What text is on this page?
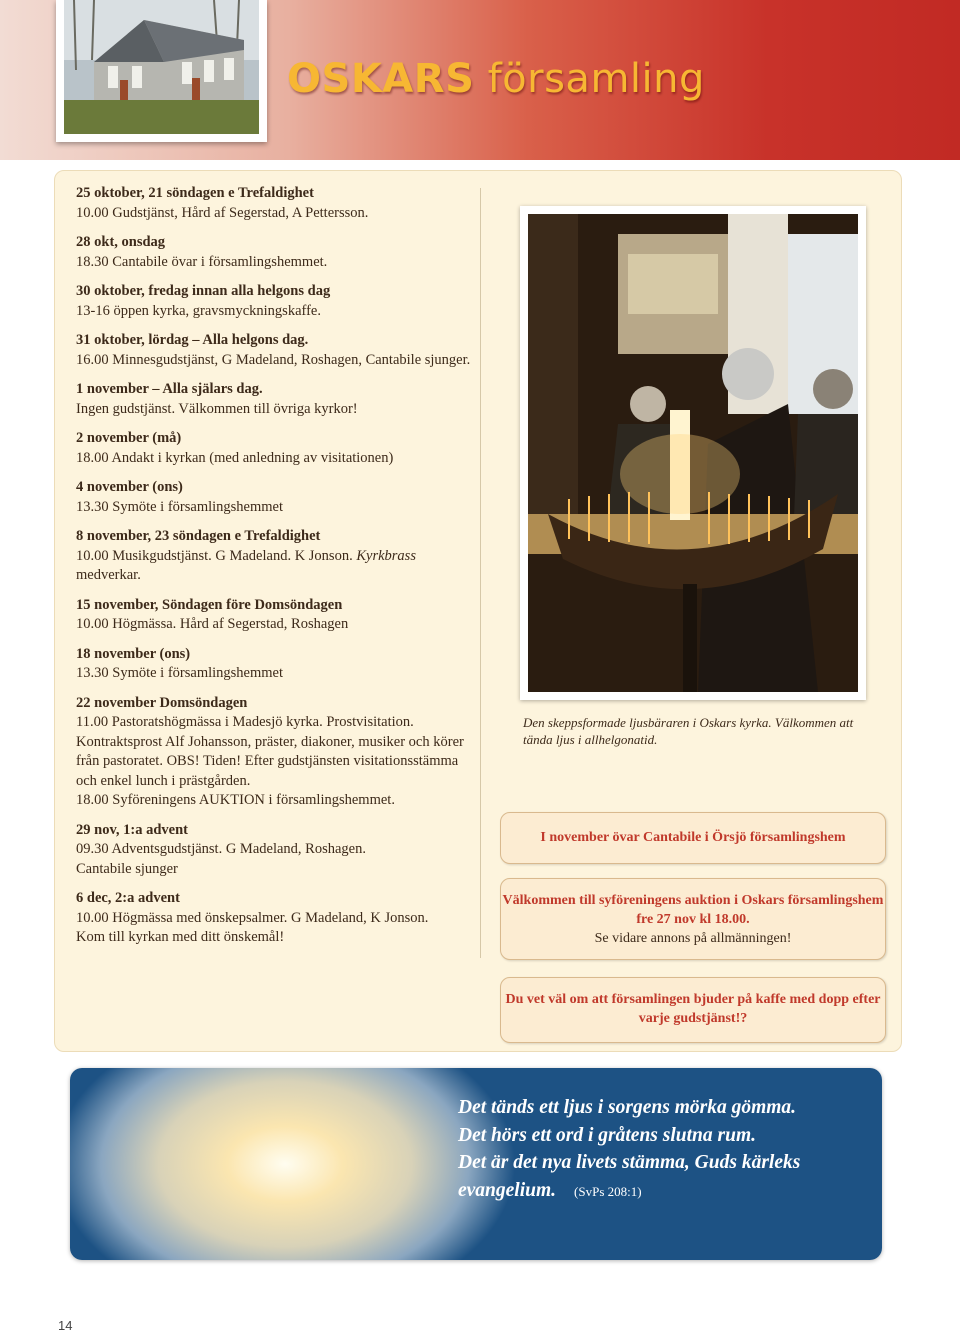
OSKARS församling
25 oktober, 21 söndagen e Trefaldighet
10.00 Gudstjänst, Hård af Segerstad, A Pettersson.
28 okt, onsdag
18.30 Cantabile övar i församlingshemmet.
30 oktober, fredag innan alla helgons dag
13-16 öppen kyrka, gravsmyckningskaffe.
31 oktober, lördag – Alla helgons dag.
16.00 Minnesgudstjänst, G Madeland, Roshagen, Cantabile sjunger.
1 november – Alla själars dag.
Ingen gudstjänst. Välkommen till övriga kyrkor!
2 november (må)
18.00 Andakt i kyrkan (med anledning av visitationen)
4 november (ons)
13.30 Symöte i församlingshemmet
8 november, 23 söndagen e Trefaldighet
10.00 Musikgudstjänst. G Madeland. K Jonson. Kyrkbrass medverkar.
15 november, Söndagen före Domsöndagen
10.00 Högmässa. Hård af Segerstad, Roshagen
18 november (ons)
13.30 Symöte i församlingshemmet
22 november Domsöndagen
11.00 Pastoratshögmässa i Madesjö kyrka. Prostvisitation. Kontraktsprost Alf Johansson, präster, diakoner, musiker och körer från pastoratet. OBS! Tiden! Efter gudstjänsten visitationsstämma och enkel lunch i prästgården.
18.00 Syföreningens AUKTION i församlingshemmet.
29 nov, 1:a advent
09.30 Adventsgudstjänst. G Madeland, Roshagen.
Cantabile sjunger
6 dec, 2:a advent
10.00 Högmässa med önskepsalmer. G Madeland, K Jonson.
Kom till kyrkan med ditt önskemål!
Den skeppsformade ljusbäraren i Oskars kyrka. Välkommen att tända ljus i allhelgonatid.
I november övar Cantabile i Örsjö församlingshem
Välkommen till syföreningens auktion i Oskars församlingshem fre 27 nov kl 18.00.
Se vidare annons på allmänningen!
Du vet väl om att församlingen bjuder på kaffe med dopp efter varje gudstjänst!?
Det tänds ett ljus i sorgens mörka gömma.
Det hörs ett ord i gråtens slutna rum.
Det är det nya livets stämma, Guds kärleks
evangelium. (SvPs 208:1)
14
